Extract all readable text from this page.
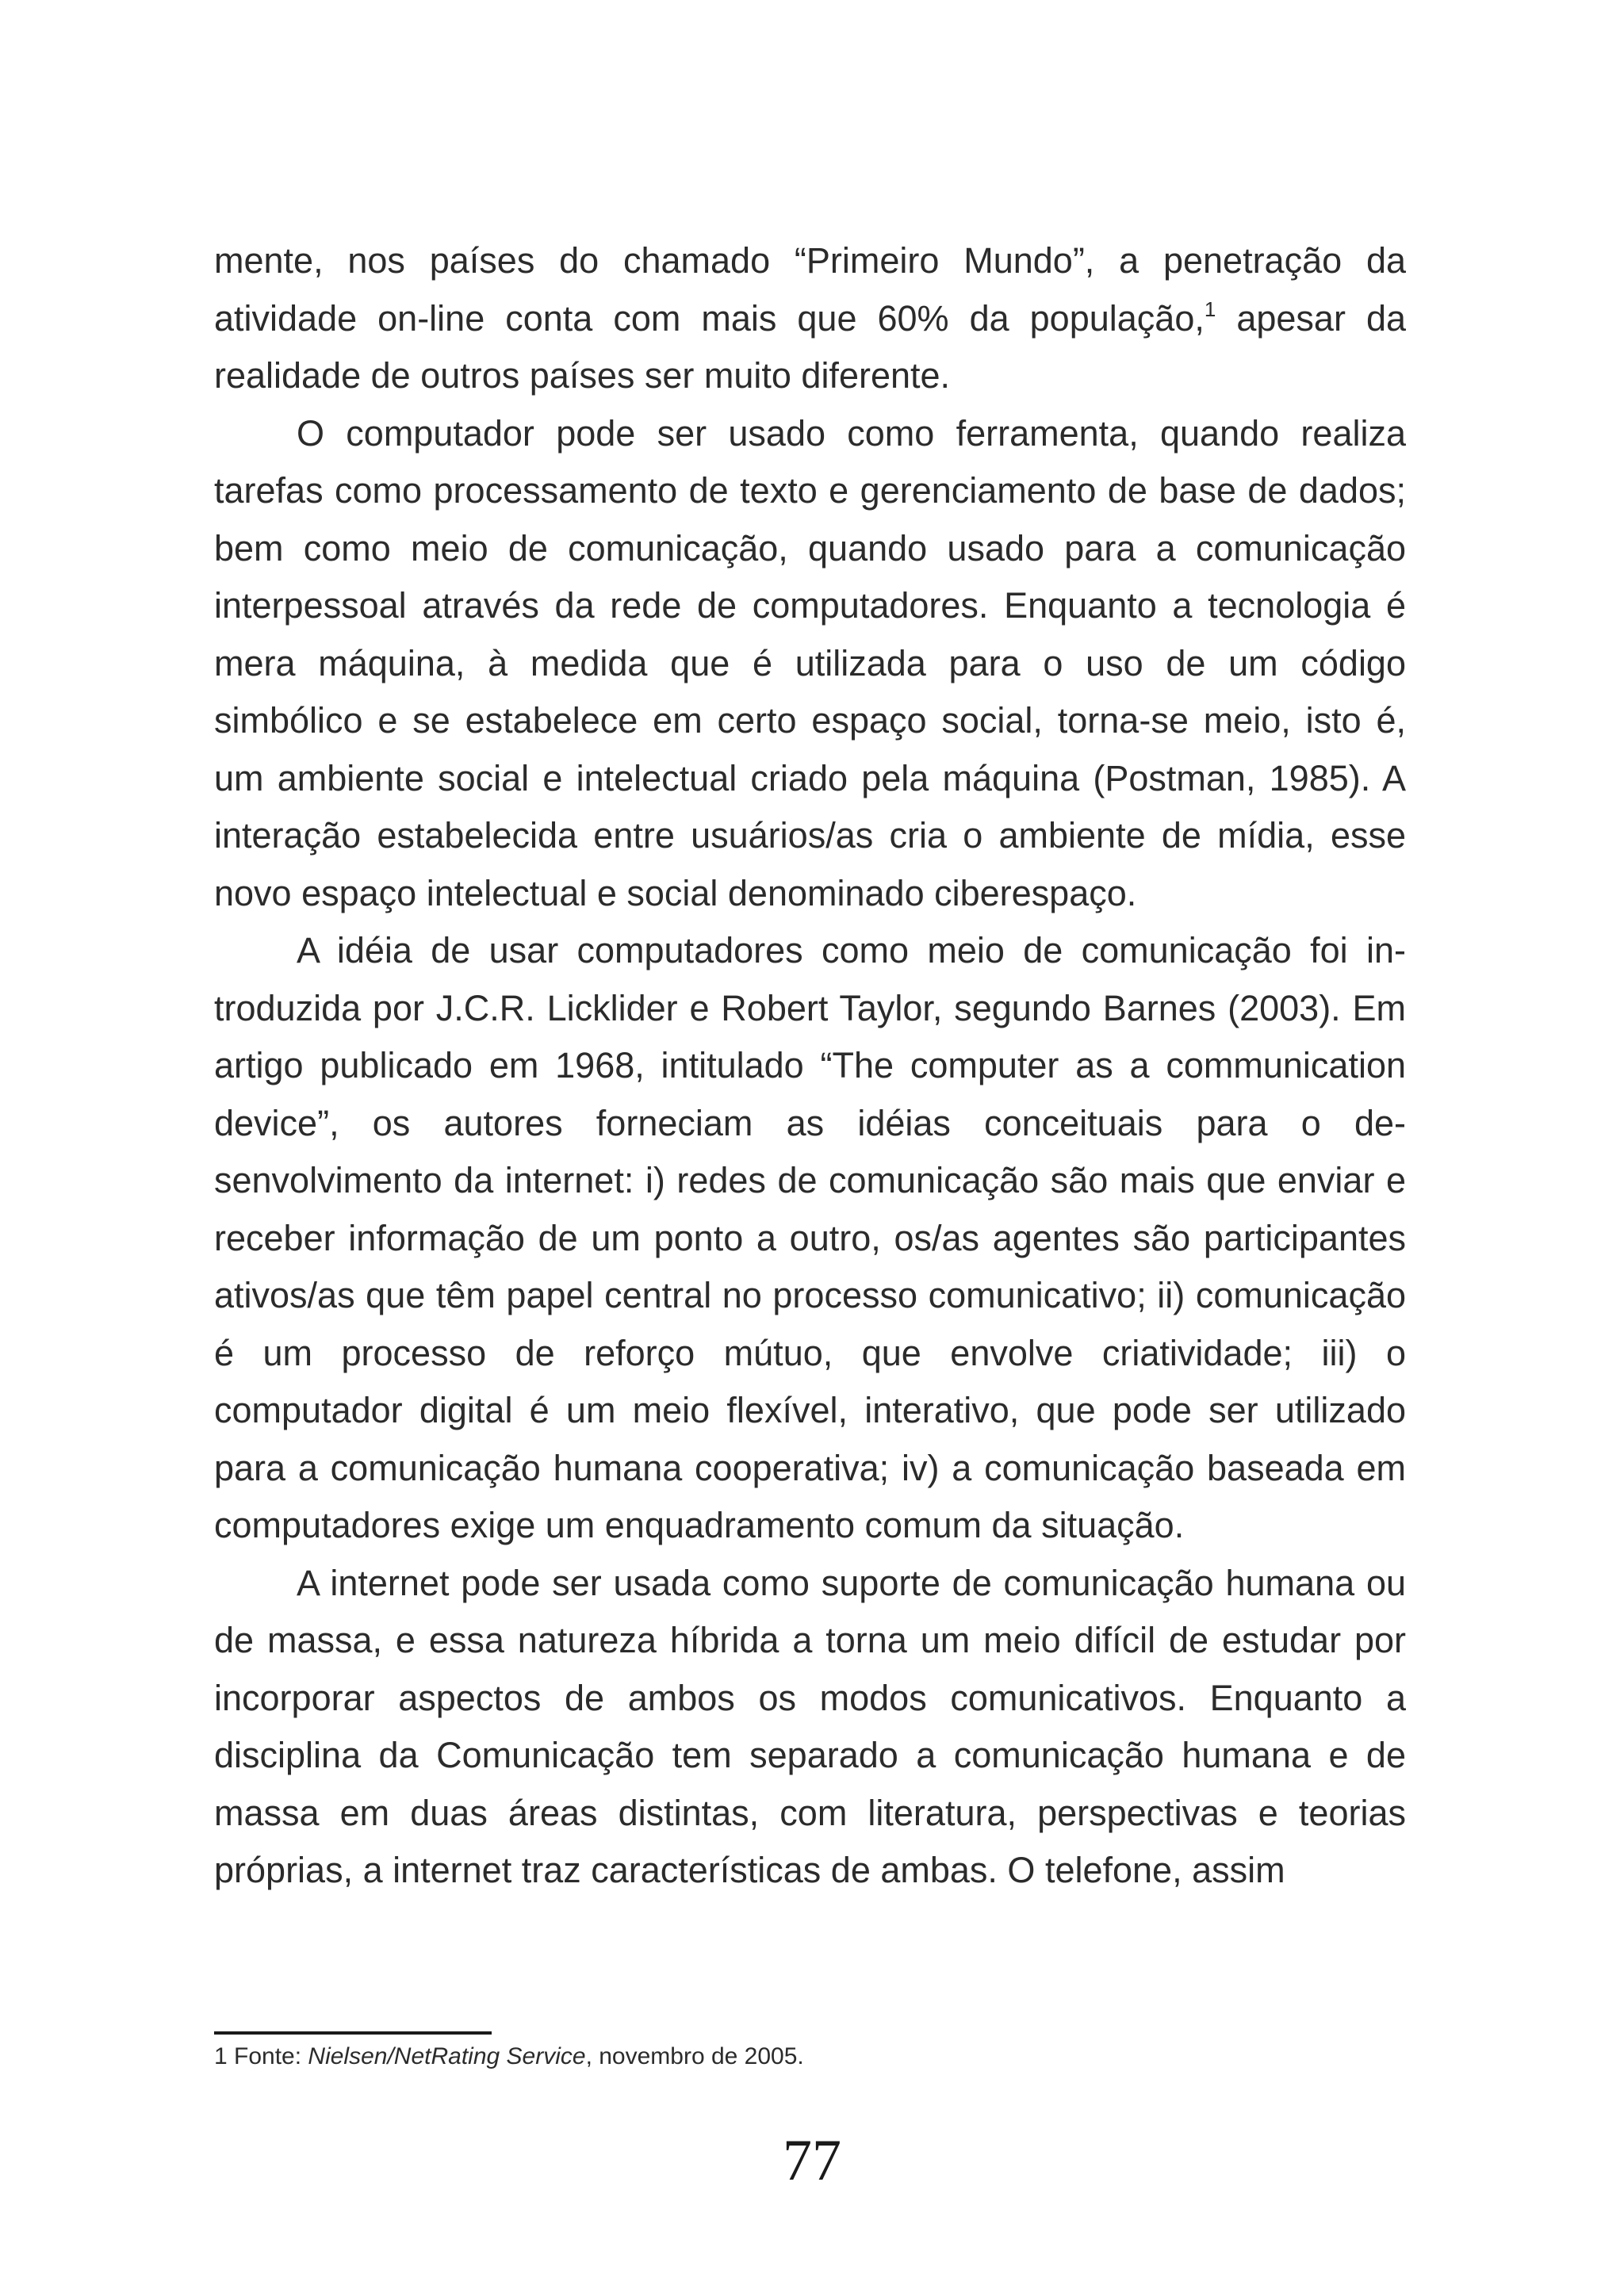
mente, nos países do chamado “Primeiro Mundo”, a penetração da atividade on-line conta com mais que 60% da população,$^1$ apesar da realidade de outros países ser muito diferente.

O computador pode ser usado como ferramenta, quando realiza tarefas como processamento de texto e gerenciamento de base de dados; bem como meio de comunicação, quando usado para a comunicação interpessoal através da rede de computadores. Enquanto a tecnologia é mera máquina, à medida que é utilizada para o uso de um código simbólico e se estabelece em certo espaço social, torna-se meio, isto é, um ambiente social e intelectual criado pela máquina (Postman, 1985). A interação estabelecida entre usuários/as cria o ambiente de mídia, esse novo espaço intelectual e social denominado ciberespaço.

A idéia de usar computadores como meio de comunicação foi introduzida por J.C.R. Licklider e Robert Taylor, segundo Barnes (2003). Em artigo publicado em 1968, intitulado “The computer as a communication device”, os autores forneciam as idéias conceituais para o desenvolvimento da internet: i) redes de comunicação são mais que enviar e receber informação de um ponto a outro, os/as agentes são participantes ativos/as que têm papel central no processo comunicativo; ii) comunicação é um processo de reforço mútuo, que envolve criatividade; iii) o computador digital é um meio flexível, interativo, que pode ser utilizado para a comunicação humana cooperativa; iv) a comunicação baseada em computadores exige um enquadramento comum da situação.

A internet pode ser usada como suporte de comunicação humana ou de massa, e essa natureza híbrida a torna um meio difícil de estudar por incorporar aspectos de ambos os modos comunicativos. Enquanto a disciplina da Comunicação tem separado a comunicação humana e de massa em duas áreas distintas, com literatura, perspectivas e teorias próprias, a internet traz características de ambas. O telefone, assim

1 Fonte: Nielsen/NetRating Service, novembro de 2005.
77
